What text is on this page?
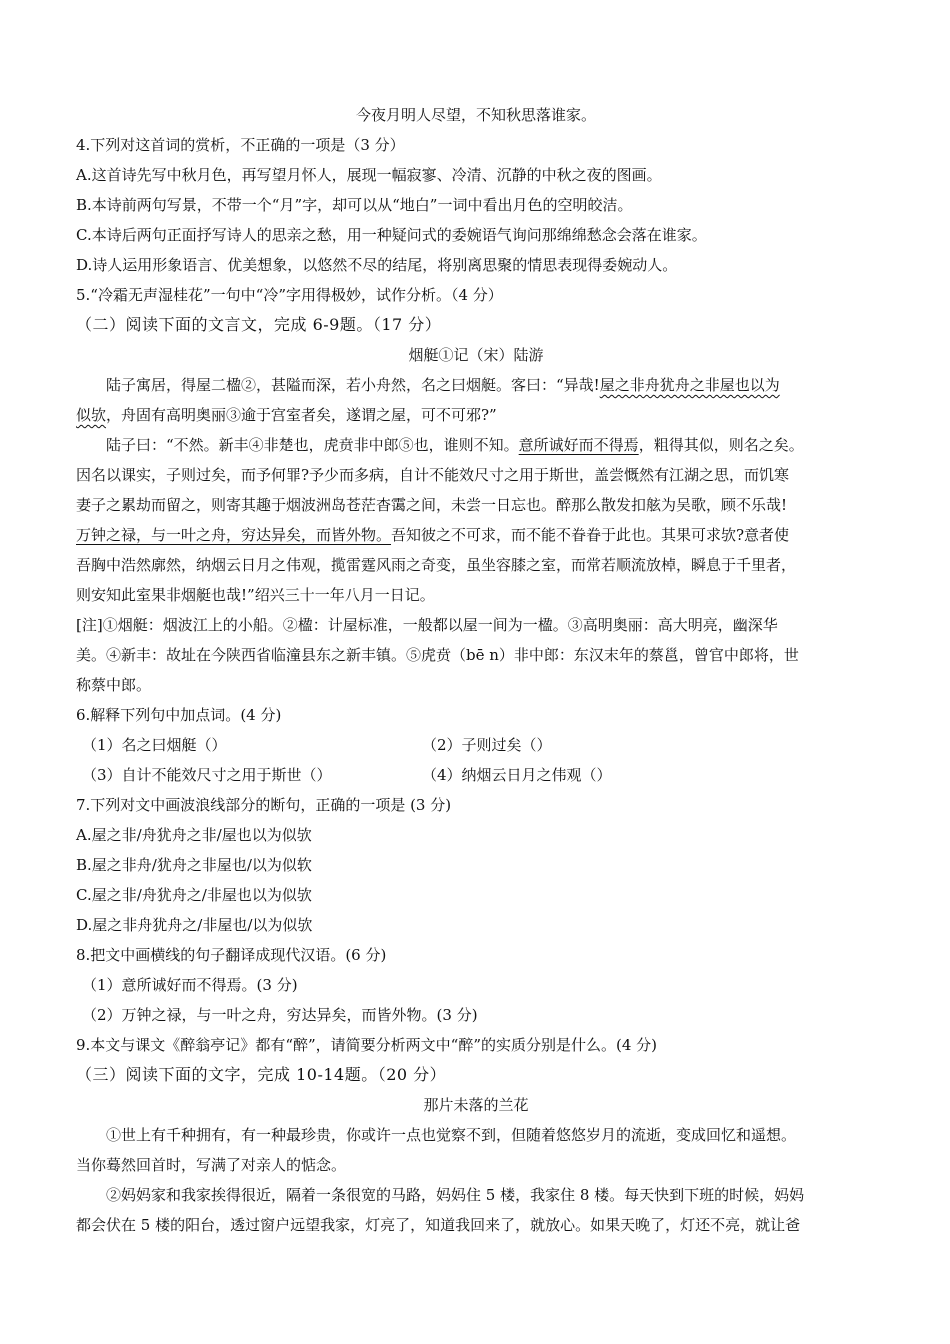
今夜月明人尽望，不知秋思落谁家。
4.下列对这首词的赏析，不正确的一项是（3 分）
A.这首诗先写中秋月色，再写望月怀人，展现一幅寂寥、冷清、沉静的中秋之夜的图画。
B.本诗前两句写景，不带一个“月”字，却可以从“地白”一词中看出月色的空明皎洁。
C.本诗后两句正面抒写诗人的思亲之愁，用一种疑问式的委婉语气询问那绵绵愁念会落在谁家。
D.诗人运用形象语言、优美想象，以悠然不尽的结尾，将别离思聚的情思表现得委婉动人。
5.“冷霜无声湿桂花”一句中“冷”字用得极妙，试作分析。（4 分）
（二）阅读下面的文言文，完成 6-9题。（17 分）
烟艇①记（宋）陆游
陆子寓居，得屋二楹②，甚隘而深，若小舟然，名之曰烟艇。客曰：“异哉!屋之非舟犹舟之非屋也以为
似欤，舟固有高明奥丽③逾于宫室者矣，遂谓之屋，可不可邪?”
陆子曰：“不然。新丰④非楚也，虎贲非中郎⑤也，谁则不知。意所诚好而不得焉，粗得其似，则名之矣。
因名以课实，子则过矣，而予何罪?予少而多病，自计不能效尺寸之用于斯世，盖尝慨然有江湖之思，而饥寒
妻子之累劫而留之，则寄其趣于烟波洲岛苍茫杳霭之间，未尝一日忘也。醉那么散发扣舷为吴歌，顾不乐哉!
万钟之禄，与一叶之舟，穷达异矣，而皆外物。吾知彼之不可求，而不能不眷眷于此也。其果可求欤?意者使
吾胸中浩然廓然，纳烟云日月之伟观，揽雷霆风雨之奇变，虽坐容膝之室，而常若顺流放棹，瞬息于千里者，
则安知此室果非烟艇也哉!”绍兴三十一年八月一日记。
[注]①烟艇：烟波江上的小船。②楹：计屋标准，一般都以屋一间为一楹。③高明奥丽：高大明亮，幽深华
美。④新丰：故址在今陕西省临潼县东之新丰镇。⑤虎贲（bē n）非中郎：东汉末年的蔡邕，曾官中郎将，世
称蔡中郎。
6.解释下列句中加点词。(4 分)
（1）名之曰烟艇（）	（2）子则过矣（）
（3）自计不能效尺寸之用于斯世（）	（4）纳烟云日月之伟观（）
7.下列对文中画波浪线部分的断句，正确的一项是 (3 分)
A.屋之非/舟犹舟之非/屋也以为似欤
B.屋之非舟/犹舟之非屋也/以为似软
C.屋之非/舟犹舟之/非屋也以为似欤
D.屋之非舟犹舟之/非屋也/以为似欤
8.把文中画横线的句子翻译成现代汉语。(6 分)
（1）意所诚好而不得焉。(3 分)
（2）万钟之禄，与一叶之舟，穷达异矣，而皆外物。(3 分)
9.本文与课文《醉翁亭记》都有“醉”，请简要分析两文中“醉”的实质分别是什么。(4 分)
（三）阅读下面的文字，完成 10-14题。（20 分）
那片未落的兰花
①世上有千种拥有，有一种最珍贵，你或许一点也觉察不到，但随着悠悠岁月的流逝，变成回忆和遥想。
当你蓦然回首时，写满了对亲人的惦念。
②妈妈家和我家挨得很近，隔着一条很宽的马路，妈妈住 5 楼，我家住 8 楼。每天快到下班的时候，妈妈
都会伏在 5 楼的阳台，透过窗户远望我家，灯亮了，知道我回来了，就放心。如果天晚了，灯还不亮，就让爸
